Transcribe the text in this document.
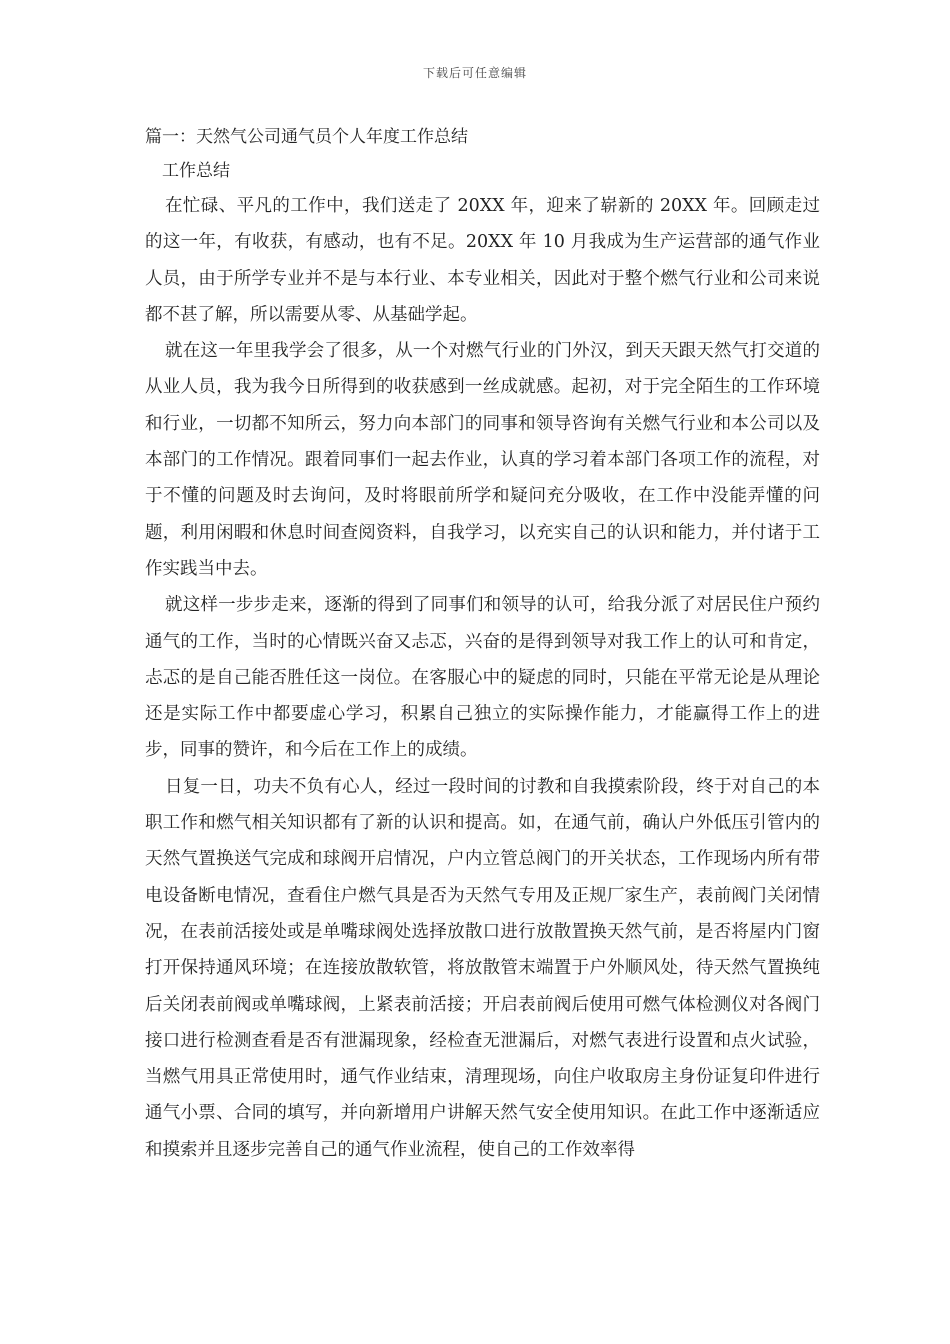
下载后可任意编辑
篇一：天然气公司通气员个人年度工作总结
工作总结

在忙碌、平凡的工作中，我们送走了 20XX 年，迎来了崭新的 20XX 年。回顾走过的这一年，有收获，有感动，也有不足。20XX 年 10 月我成为生产运营部的通气作业人员，由于所学专业并不是与本行业、本专业相关，因此对于整个燃气行业和公司来说都不甚了解，所以需要从零、从基础学起。

就在这一年里我学会了很多，从一个对燃气行业的门外汉，到天天跟天然气打交道的从业人员，我为我今日所得到的收获感到一丝成就感。起初，对于完全陌生的工作环境和行业，一切都不知所云，努力向本部门的同事和领导咨询有关燃气行业和本公司以及本部门的工作情况。跟着同事们一起去作业，认真的学习着本部门各项工作的流程，对于不懂的问题及时去询问，及时将眼前所学和疑问充分吸收，在工作中没能弄懂的问题，利用闲暇和休息时间查阅资料，自我学习，以充实自己的认识和能力，并付诸于工作实践当中去。

就这样一步步走来，逐渐的得到了同事们和领导的认可，给我分派了对居民住户预约通气的工作，当时的心情既兴奋又忐忑，兴奋的是得到领导对我工作上的认可和肯定，忐忑的是自己能否胜任这一岗位。在客服心中的疑虑的同时，只能在平常无论是从理论还是实际工作中都要虚心学习，积累自己独立的实际操作能力，才能赢得工作上的进步，同事的赞许，和今后在工作上的成绩。

日复一日，功夫不负有心人，经过一段时间的讨教和自我摸索阶段，终于对自己的本职工作和燃气相关知识都有了新的认识和提高。如，在通气前，确认户外低压引管内的天然气置换送气完成和球阀开启情况，户内立管总阀门的开关状态，工作现场内所有带电设备断电情况，查看住户燃气具是否为天然气专用及正规厂家生产，表前阀门关闭情况，在表前活接处或是单嘴球阀处选择放散口进行放散置换天然气前，是否将屋内门窗打开保持通风环境；在连接放散软管，将放散管末端置于户外顺风处，待天然气置换纯后关闭表前阀或单嘴球阀，上紧表前活接；开启表前阀后使用可燃气体检测仪对各阀门接口进行检测查看是否有泄漏现象，经检查无泄漏后，对燃气表进行设置和点火试验，当燃气用具正常使用时，通气作业结束，清理现场，向住户收取房主身份证复印件进行通气小票、合同的填写，并向新增用户讲解天然气安全使用知识。在此工作中逐渐适应和摸索并且逐步完善自己的通气作业流程，使自己的工作效率得
